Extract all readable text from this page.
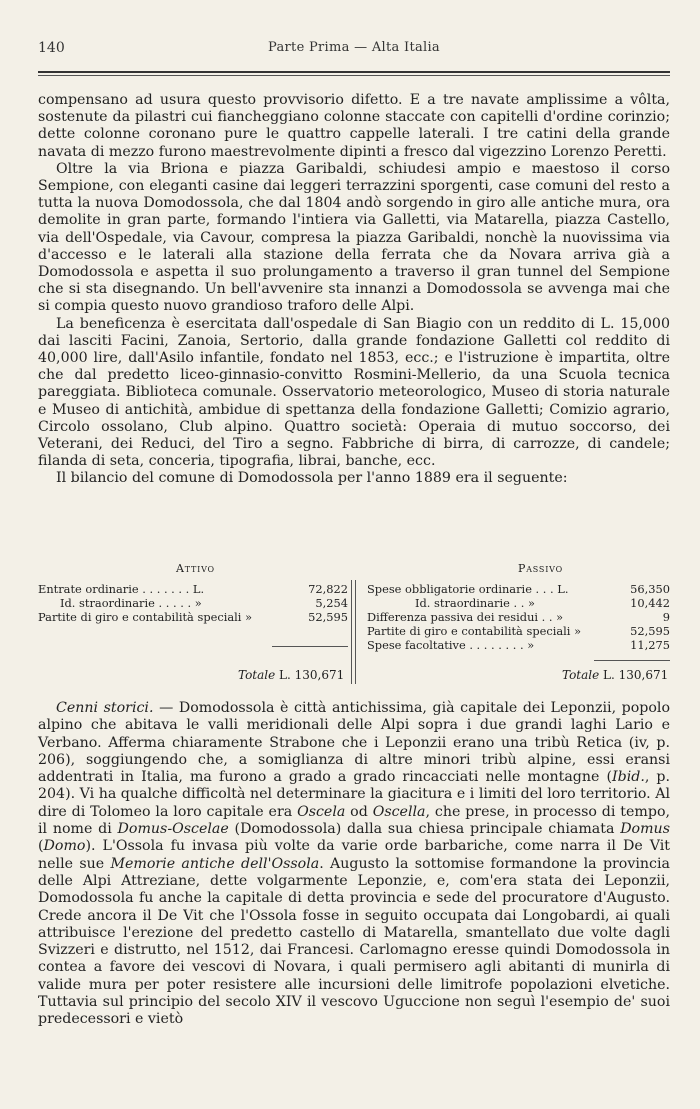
140	Parte Prima — Alta Italia

compensano ad usura questo provvisorio difetto. E a tre navate amplissime a vôlta, sostenute da pilastri cui fiancheggiano colonne staccate con capitelli d'ordine corinzio; dette colonne coronano pure le quattro cappelle laterali. I tre catini della grande navata di mezzo furono maestrevolmente dipinti a fresco dal vigezzino Lorenzo Peretti.

Oltre la via Briona e piazza Garibaldi, schiudesi ampio e maestoso il corso Sempione, con eleganti casine dai leggeri terrazzini sporgenti, case comuni del resto a tutta la nuova Domodossola, che dal 1804 andò sorgendo in giro alle antiche mura, ora demolite in gran parte, formando l'intiera via Galletti, via Matarella, piazza Castello, via dell'Ospedale, via Cavour, compresa la piazza Garibaldi, nonchè la nuovissima via d'accesso e le laterali alla stazione della ferrata che da Novara arriva già a Domodossola e aspetta il suo prolungamento a traverso il gran tunnel del Sempione che si sta disegnando. Un bell'avvenire sta innanzi a Domodossola se avvenga mai che si compia questo nuovo grandioso traforo delle Alpi.

La beneficenza è esercitata dall'ospedale di San Biagio con un reddito di L. 15,000 dai lasciti Facini, Zanoia, Sertorio, dalla grande fondazione Galletti col reddito di 40,000 lire, dall'Asilo infantile, fondato nel 1853, ecc.; e l'istruzione è impartita, oltre che dal predetto liceo-ginnasio-convitto Rosmini-Mellerio, da una Scuola tecnica pareggiata. Biblioteca comunale. Osservatorio meteorologico, Museo di storia naturale e Museo di antichità, ambidue di spettanza della fondazione Galletti; Comizio agrario, Circolo ossolano, Club alpino. Quattro società: Operaia di mutuo soccorso, dei Veterani, dei Reduci, del Tiro a segno. Fabbriche di birra, di carrozze, di candele; filanda di seta, conceria, tipografia, librai, banche, ecc.

Il bilancio del comune di Domodossola per l'anno 1889 era il seguente:

Attivo	Passivo
Entrate ordinarie . . . . . . . L.	72,822
Id. straordinarie . . . . . »	5,254
Partite di giro e contabilità speciali »	52,595
Totale L. 130,671
Spese obbligatorie ordinarie . . . L.	56,350
Id. straordinarie . . »	10,442
Differenza passiva dei residui . . »	9
Partite di giro e contabilità speciali »	52,595
Spese facoltative . . . . . . . . »	11,275
Totale L. 130,671

Cenni storici. — Domodossola è città antichissima, già capitale dei Leponzii, popolo alpino che abitava le valli meridionali delle Alpi sopra i due grandi laghi Lario e Verbano. Afferma chiaramente Strabone che i Leponzii erano una tribù Retica (iv, p. 206), soggiungendo che, a somiglianza di altre minori tribù alpine, essi eransi addentrati in Italia, ma furono a grado a grado rincacciati nelle montagne (Ibid., p. 204). Vi ha qualche difficoltà nel determinare la giacitura e i limiti del loro territorio. Al dire di Tolomeo la loro capitale era Oscela od Oscella, che prese, in processo di tempo, il nome di Domus-Oscelae (Domodossola) dalla sua chiesa principale chiamata Domus (Domo). L'Ossola fu invasa più volte da varie orde barbariche, come narra il De Vit nelle sue Memorie antiche dell'Ossola. Augusto la sottomise formandone la provincia delle Alpi Attreziane, dette volgarmente Leponzie, e, com'era stata dei Leponzii, Domodossola fu anche la capitale di detta provincia e sede del procuratore d'Augusto. Crede ancora il De Vit che l'Ossola fosse in seguito occupata dai Longobardi, ai quali attribuisce l'erezione del predetto castello di Matarella, smantellato due volte dagli Svizzeri e distrutto, nel 1512, dai Francesi. Carlomagno eresse quindi Domodossola in contea a favore dei vescovi di Novara, i quali permisero agli abitanti di munirla di valide mura per poter resistere alle incursioni delle limitrofe popolazioni elvetiche. Tuttavia sul principio del secolo XIV il vescovo Uguccione non seguì l'esempio de' suoi predecessori e vietò
